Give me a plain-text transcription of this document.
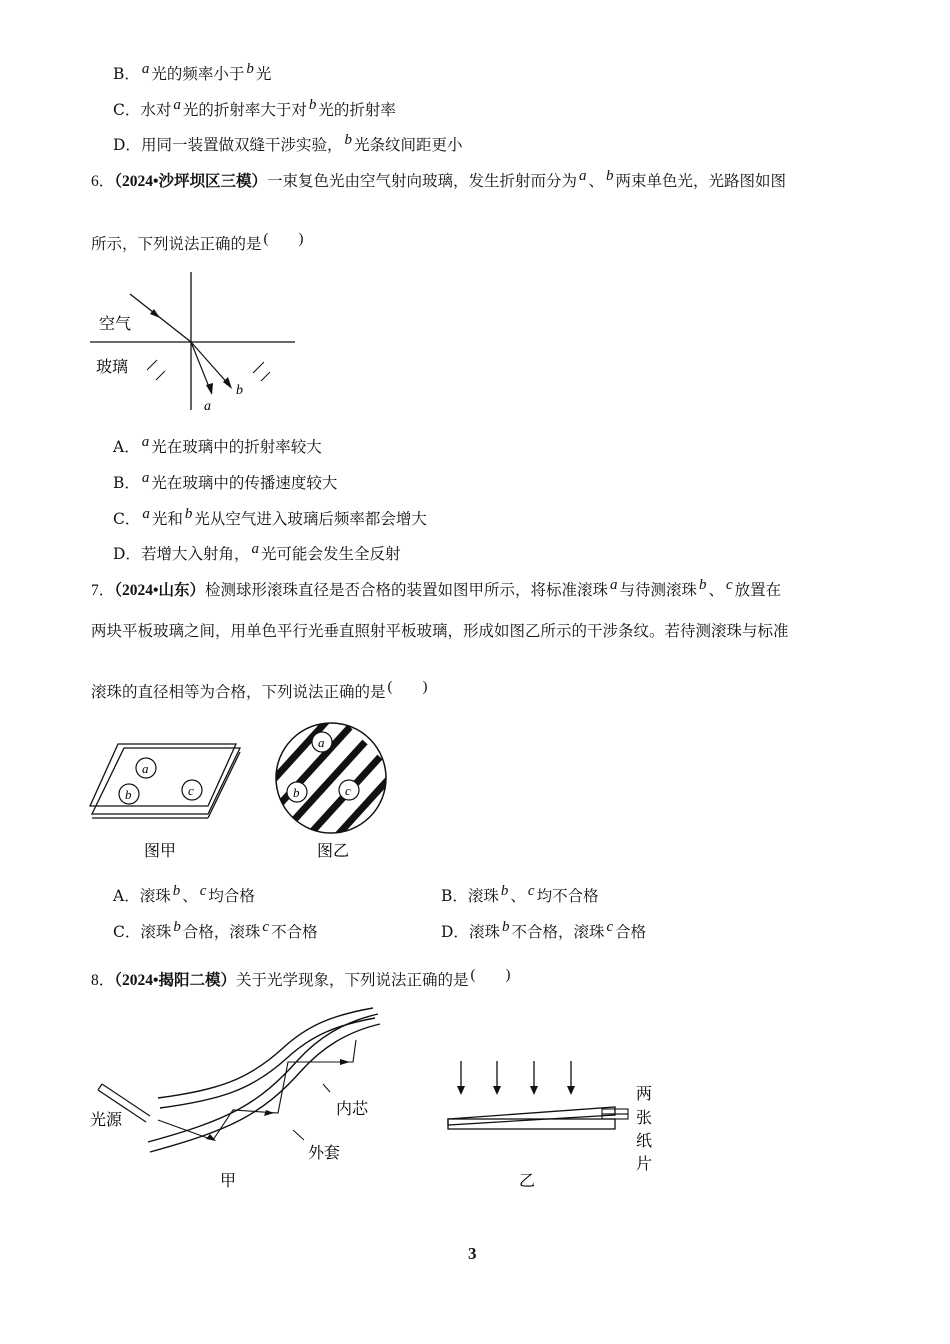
B． a 光的频率小于 b 光
C．水对 a 光的折射率大于对 b 光的折射率
D．用同一装置做双缝干涉实验， b 光条纹间距更小
6．（2024•沙坪坝区三模）一束复色光由空气射向玻璃，发生折射而分为 a 、 b 两束单色光，光路图如图
所示，下列说法正确的是 (　　)
空气
玻璃
a
b
A． a 光在玻璃中的折射率较大
B． a 光在玻璃中的传播速度较大
C． a 光和 b 光从空气进入玻璃后频率都会增大
D．若增大入射角， a 光可能会发生全反射
7．（2024•山东）检测球形滚珠直径是否合格的装置如图甲所示，将标准滚珠 a 与待测滚珠 b 、 c 放置在
两块平板玻璃之间，用单色平行光垂直照射平板玻璃，形成如图乙所示的干涉条纹。若待测滚珠与标准
滚珠的直径相等为合格，下列说法正确的是 (　　)
a
b	c
图甲
a
b	c
图乙
A．滚珠 b 、 c 均合格	B．滚珠 b 、 c 均不合格
C．滚珠 b 合格，滚珠 c 不合格	D．滚珠 b 不合格，滚珠 c 合格
8．（2024•揭阳二模）关于光学现象，下列说法正确的是 (　　)
光源
内芯
外套
甲
两
张
纸
片
乙
3
